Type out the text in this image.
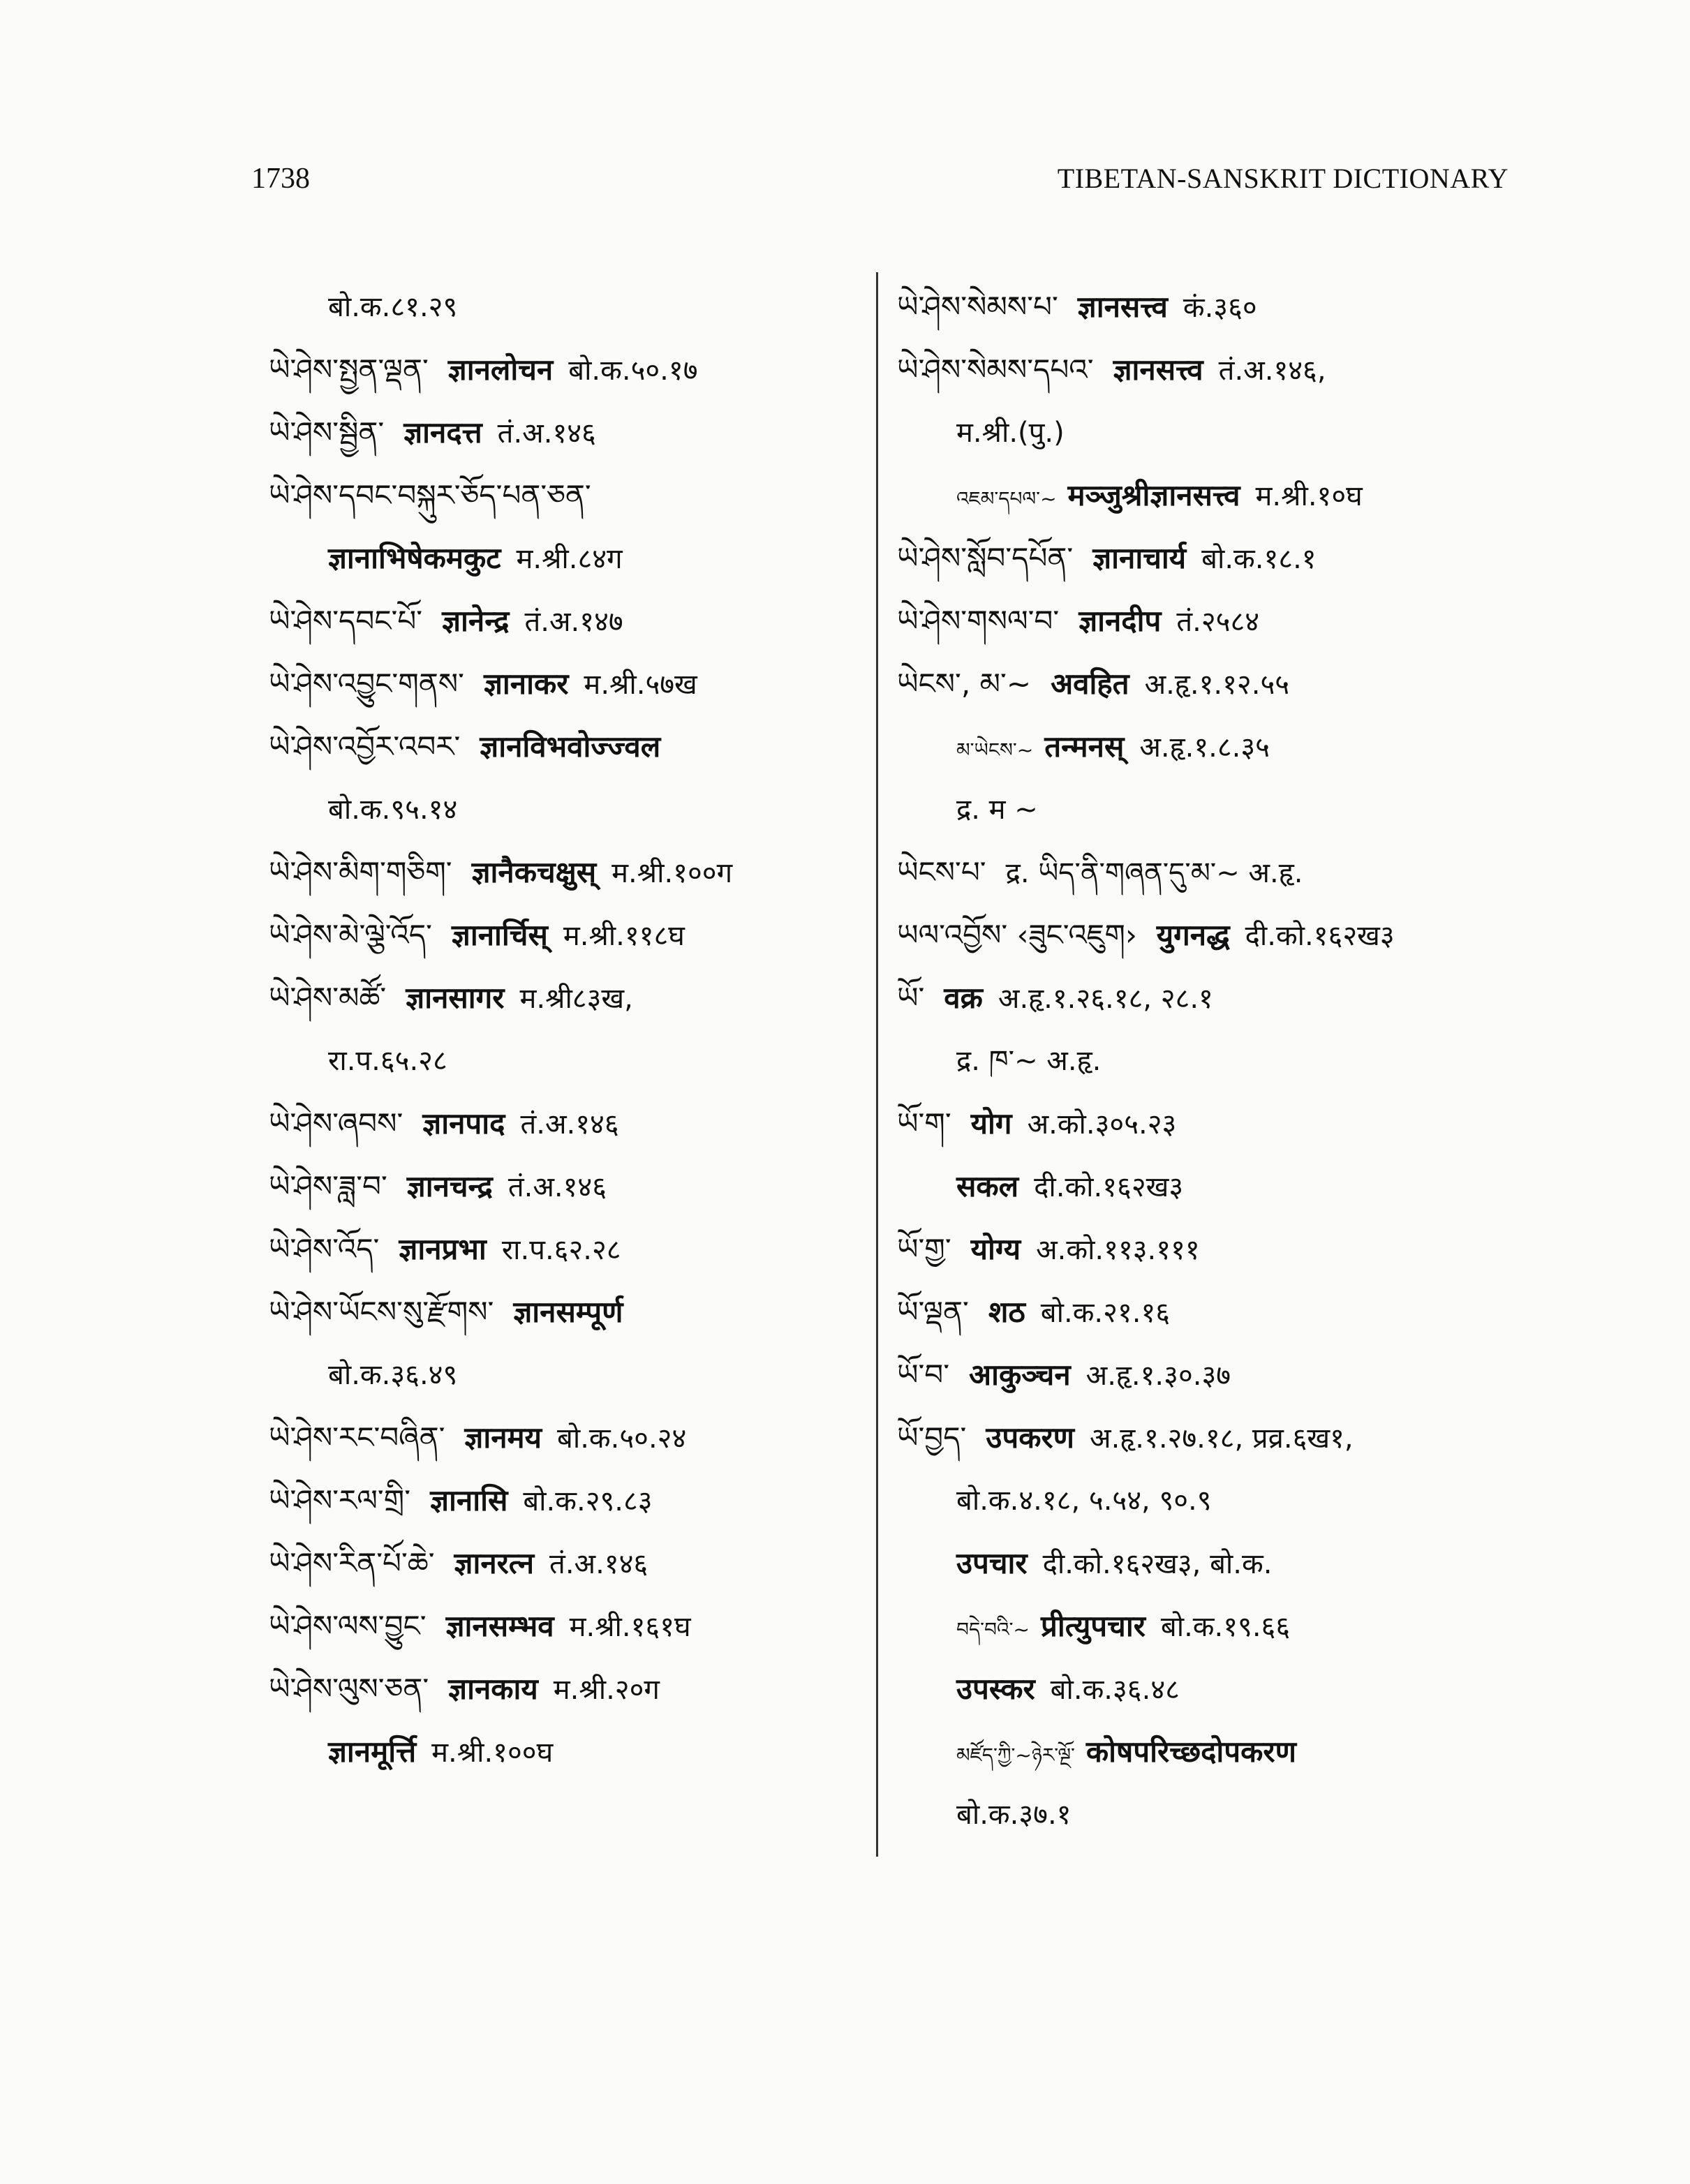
1738	TIBETAN-SANSKRIT DICTIONARY
बो.क.८१.२९
ཡེ་ཤེས་སྤྱན་ལྡན་ ज्ञानलोचन बो.क.५०.१७
ཡེ་ཤེས་སྦྱིན་ ज्ञानदत्त तं.अ.१४६
ཡེ་ཤེས་དབང་བསྐུར་ཅོད་པན་ཅན་
ज्ञानाभिषेकमकुट म.श्री.८४ग
ཡེ་ཤེས་དབང་པོ་ ज्ञानेन्द्र तं.अ.१४७
ཡེ་ཤེས་འབྱུང་གནས་ ज्ञानाकर म.श्री.५७ख
ཡེ་ཤེས་འབྱོར་འབར་ ज्ञानविभवोज्ज्वल
बो.क.९५.१४
ཡེ་ཤེས་མིག་གཅིག་ ज्ञानैकचक्षुस् म.श्री.१००ग
ཡེ་ཤེས་མེ་ལྕེ་འོད་ ज्ञानार्चिस् म.श्री.११८घ
ཡེ་ཤེས་མཚོ་ ज्ञानसागर म.श्री८३ख,
रा.प.६५.२८
ཡེ་ཤེས་ཞབས་ ज्ञानपाद तं.अ.१४६
ཡེ་ཤེས་ཟླ་བ་ ज्ञानचन्द्र तं.अ.१४६
ཡེ་ཤེས་འོད་ ज्ञानप्रभा रा.प.६२.२८
ཡེ་ཤེས་ཡོངས་སུ་རྫོགས་ ज्ञानसम्पूर्ण
बो.क.३६.४९
ཡེ་ཤེས་རང་བཞིན་ ज्ञानमय बो.क.५०.२४
ཡེ་ཤེས་རལ་གྲི་ ज्ञानासि बो.क.२९.८३
ཡེ་ཤེས་རིན་པོ་ཆེ་ ज्ञानरत्न तं.अ.१४६
ཡེ་ཤེས་ལས་བྱུང་ ज्ञानसम्भव म.श्री.१६१घ
ཡེ་ཤེས་ལུས་ཅན་ ज्ञानकाय म.श्री.२०ग
ज्ञानमूर्त्ति म.श्री.१००घ
ཡེ་ཤེས་སེམས་པ་ ज्ञानसत्त्व कं.३६०
ཡེ་ཤེས་སེམས་དཔའ་ ज्ञानसत्त्व तं.अ.१४६,
म.श्री.(पु.)
འཇམ་དཔལ་~ मञ्जुश्रीज्ञानसत्त्व म.श्री.१०घ
ཡེ་ཤེས་སློབ་དཔོན་ ज्ञानाचार्य बो.क.१८.१
ཡེ་ཤེས་གསལ་བ་ ज्ञानदीप तं.२५८४
ཡེངས་, མ་~ अवहित अ.हृ.१.१२.५५
མ་ཡེངས་~ तन्मनस् अ.हृ.१.८.३५
द्र. म ~
ཡེངས་པ་ द्र. ཡིད་ནི་གཞན་དུ་མ་~ अ.हृ.
ཡལ་འབྱོས་ ‹ཟུང་འཇུག› युगनद्ध दी.को.१६२ख३
ཡོ་ वक्र अ.हृ.१.२६.१८, २८.१
द्र. ཁ་~ अ.हृ.
ཡོ་ག་ योग अ.को.३०५.२३
सकल दी.को.१६२ख३
ཡོ་གྱ་ योग्य अ.को.११३.१११
ཡོ་ལྡན་ शठ बो.क.२१.१६
ཡོ་བ་ आकुञ्चन अ.हृ.१.३०.३७
ཡོ་བྱད་ उपकरण अ.हृ.१.२७.१८, प्रव्र.६ख१,
बो.क.४.१८, ५.५४, ९०.९
उपचार दी.को.१६२ख३, बो.क.
བདེ་བའི་~ प्रीत्युपचार बो.क.१९.६६
उपस्कर बो.क.३६.४८
མཛོད་ཀྱི་~ཉེར་ལྔོ་ कोषपरिच्छदोपकरण
बो.क.३७.१
